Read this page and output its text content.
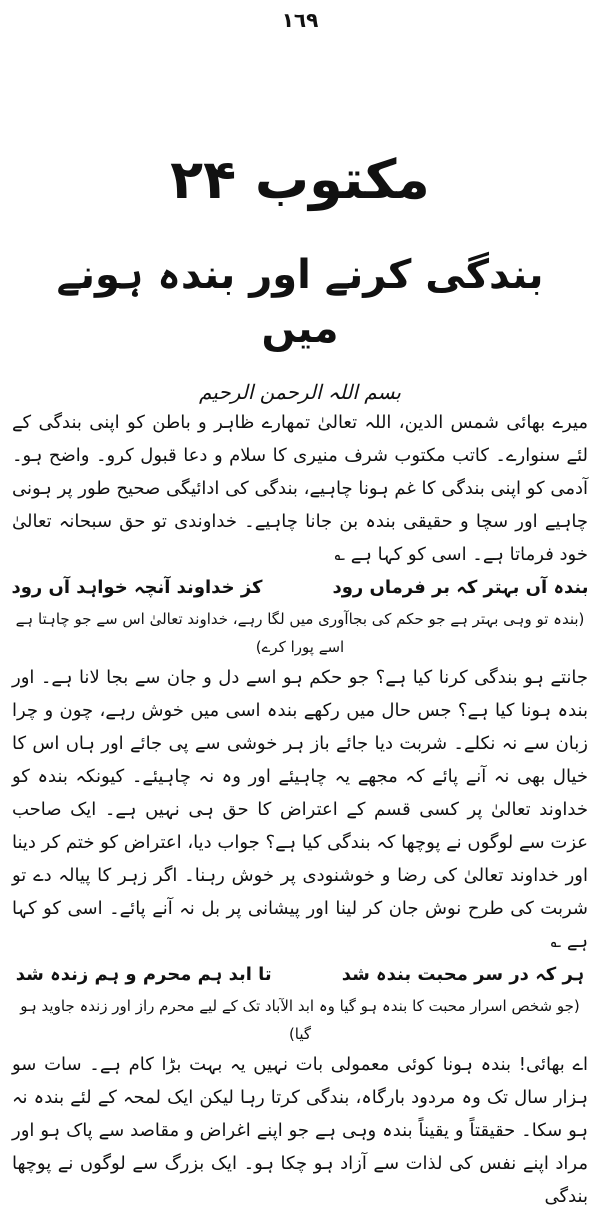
١٦٩
مکتوب ۲۴
بندگی کرنے اور بندہ ہونے میں
بسم اللہ الرحمن الرحیم

میرے بھائی شمس الدین، اللہ تعالیٰ تمھارے ظاہر و باطن کو اپنی بندگی کے لئے سنوارے۔ کاتب مکتوب شرف منیری کا سلام و دعا قبول کرو۔ واضح ہو۔ آدمی کو اپنی بندگی کا غم ہونا چاہیے، بندگی کی ادائیگی صحیح طور پر ہونی چاہیے اور سچا و حقیقی بندہ بن جانا چاہیے۔ خداوندی تو حق سبحانہ تعالیٰ خود فرماتا ہے۔ اسی کو کہا ہے ؎

بندہ آں بہتر کہ بر فرماں رود
کز خداوند آنچہ خواہد آں رود
(بندہ تو وہی بہتر ہے جو حکم کی بجاآوری میں لگا رہے، خداوند تعالیٰ اس سے جو چاہتا ہے اسے پورا کرے)

جانتے ہو بندگی کرنا کیا ہے؟ جو حکم ہو اسے دل و جان سے بجا لانا ہے۔ اور بندہ ہونا کیا ہے؟ جس حال میں رکھے بندہ اسی میں خوش رہے، چون و چرا زبان سے نہ نکلے۔ شربت دیا جائے باز ہر خوشی سے پی جائے اور ہاں اس کا خیال بھی نہ آنے پائے کہ مجھے یہ چاہیئے اور وہ نہ چاہیئے۔ کیونکہ بندہ کو خداوند تعالیٰ پر کسی قسم کے اعتراض کا حق ہی نہیں ہے۔ ایک صاحب عزت سے لوگوں نے پوچھا کہ بندگی کیا ہے؟ جواب دیا، اعتراض کو ختم کر دینا اور خداوند تعالیٰ کی رضا و خوشنودی پر خوش رہنا۔ اگر زہر کا پیالہ دے تو شربت کی طرح نوش جان کر لینا اور پیشانی پر بل نہ آنے پائے۔ اسی کو کہا ہے ؎

ہر کہ در سر محبت بندہ شد
تا ابد ہم محرم و ہم زندہ شد
(جو شخص اسرار محبت کا بندہ ہو گیا وہ ابد الآباد تک کے لیے محرم راز اور زندہ جاوید ہو گیا)

اے بھائی! بندہ ہونا کوئی معمولی بات نہیں یہ بہت بڑا کام ہے۔ سات سو ہزار سال تک وہ مردود بارگاہ، بندگی کرتا رہا لیکن ایک لمحہ کے لئے بندہ نہ ہو سکا۔ حقیقتاً و یقیناً بندہ وہی ہے جو اپنے اغراض و مقاصد سے پاک ہو اور مراد اپنے نفس کی لذات سے آزاد ہو چکا ہو۔ ایک بزرگ سے لوگوں نے پوچھا بندگی
